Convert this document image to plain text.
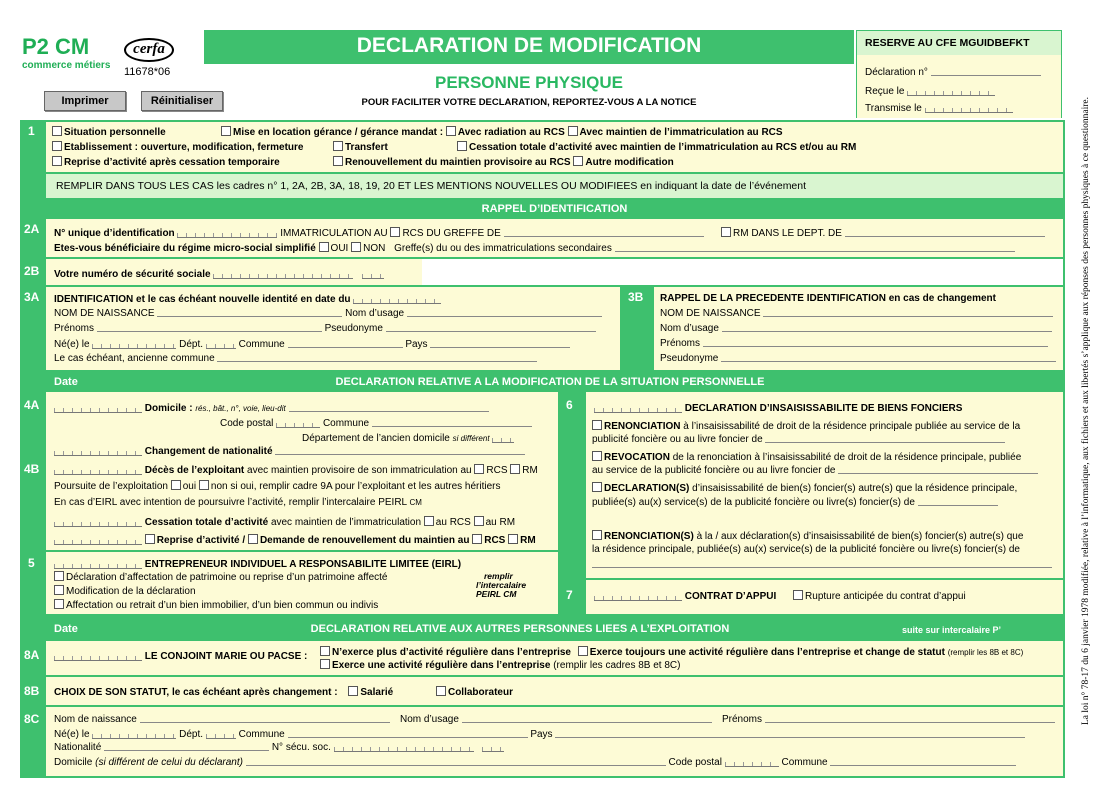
P2 CM
commerce métiers
cerfa
11678*06
DECLARATION DE MODIFICATION
PERSONNE PHYSIQUE
POUR FACILITER VOTRE DECLARATION, REPORTEZ-VOUS A LA NOTICE
Imprimer	Réinitialiser
RESERVE AU CFE MGUIDBEFKT
Déclaration n°
Reçue le
Transmise le
1	Situation personnelle	Mise en location gérance / gérance mandat : Avec radiation au RCS Avec maintien de l’immatriculation au RCS
Etablissement : ouverture, modification, fermeture	Transfert	Cessation totale d’activité avec maintien de l’immatriculation au RCS et/ou au RM
Reprise d’activité après cessation temporaire	Renouvellement du maintien provisoire au RCS Autre modification
REMPLIR DANS TOUS LES CAS les cadres n° 1, 2A, 2B, 3A, 18, 19, 20 ET LES MENTIONS NOUVELLES OU MODIFIEES en indiquant la date de l’événement
RAPPEL D’IDENTIFICATION
2A N° unique d’identification	IMMATRICULATION AU RCS DU GREFFE DE	RM DANS LE DEPT. DE
Etes-vous bénéficiaire du régime micro-social simplifié OUI NON Greffe(s) du ou des immatriculations secondaires
2B Votre numéro de sécurité sociale
3A IDENTIFICATION et le cas échéant nouvelle identité en date du
NOM DE NAISSANCE	Nom d’usage
Prénoms	Pseudonyme
Né(e) le	Dépt.	Commune	Pays
Le cas échéant, ancienne commune
3B RAPPEL DE LA PRECEDENTE IDENTIFICATION en cas de changement
NOM DE NAISSANCE
Nom d’usage
Prénoms
Pseudonyme
Date	DECLARATION RELATIVE A LA MODIFICATION DE LA SITUATION PERSONNELLE
4A	Domicile : rés., bât., n°, voie, lieu-dit
Code postal	Commune
Département de l’ancien domicile si différent
Changement de nationalité
4B	Décès de l’exploitant avec maintien provisoire de son immatriculation au RCS RM
Poursuite de l’exploitation oui non si oui, remplir cadre 9A pour l’exploitant et les autres héritiers
En cas d’EIRL avec intention de poursuivre l’activité, remplir l’intercalaire PEIRL CM
Cessation totale d’activité avec maintien de l’immatriculation au RCS au RM
Reprise d’activité / Demande de renouvellement du maintien au RCS RM
5	ENTREPRENEUR INDIVIDUEL A RESPONSABILITE LIMITEE (EIRL)
Déclaration d’affectation de patrimoine ou reprise d’un patrimoine affecté
Modification de la déclaration
Affectation ou retrait d’un bien immobilier, d’un bien commun ou indivis
remplir
l’intercalaire
PEIRL CM
6	DECLARATION D’INSAISISSABILITE DE BIENS FONCIERS
RENONCIATION à l’insaisissabilité de droit de la résidence principale publiée au service de la
publicité foncière ou au livre foncier de
REVOCATION de la renonciation à l’insaisissabilité de droit de la résidence principale, publiée
au service de la publicité foncière ou au livre foncier de
DECLARATION(S) d’insaisissabilité de bien(s) foncier(s) autre(s) que la résidence principale,
publiée(s) au(x) service(s) de la publicité foncière ou livre(s) foncier(s) de
RENONCIATION(S) à la / aux déclaration(s) d’insaisissabilité de bien(s) foncier(s) autre(s) que
la résidence principale, publiée(s) au(x) service(s) de la publicité foncière ou livre(s) foncier(s) de
7	CONTRAT D’APPUI	Rupture anticipée du contrat d’appui
Date	DECLARATION RELATIVE AUX AUTRES PERSONNES LIEES A L’EXPLOITATION	suite sur intercalaire P’
8A	LE CONJOINT MARIE OU PACSE :	N’exerce plus d’activité régulière dans l’entreprise Exerce toujours une activité régulière dans l’entreprise et change de statut (remplir les 8B et 8C)
Exerce une activité régulière dans l’entreprise (remplir les cadres 8B et 8C)
8B CHOIX DE SON STATUT, le cas échéant après changement : Salarié	Collaborateur
8C Nom de naissance	Nom d’usage	Prénoms
Né(e) le	Dépt.	Commune	Pays
Nationalité	N° sécu. soc.
Domicile (si différent de celui du déclarant)	Code postal	Commune
La loi n° 78-17 du 6 janvier 1978 modifiée, relative à l’informatique, aux fichiers et aux libertés s’applique aux réponses des personnes physiques à ce questionnaire.
